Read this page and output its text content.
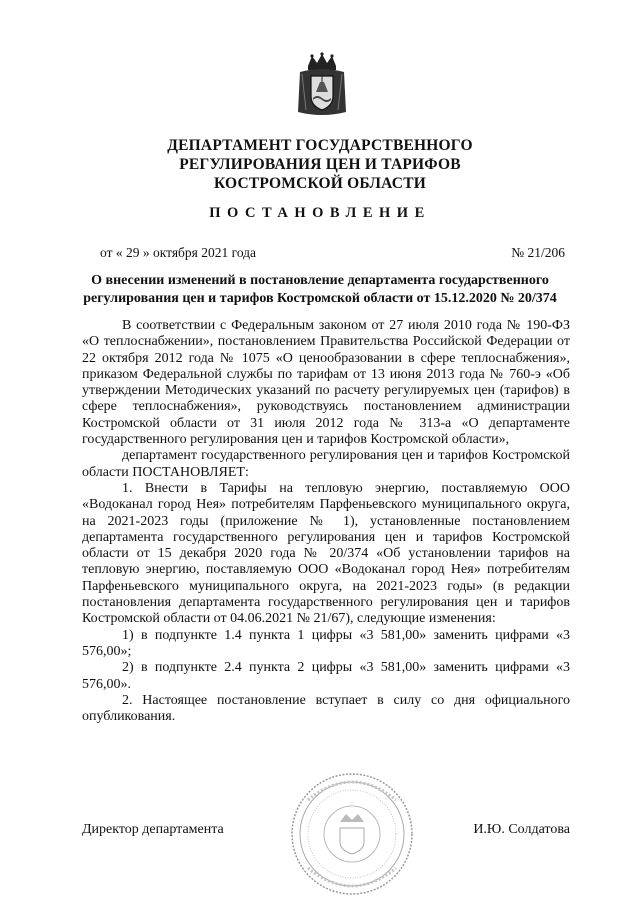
ДЕПАРТАМЕНТ ГОСУДАРСТВЕННОГО
РЕГУЛИРОВАНИЯ ЦЕН И ТАРИФОВ
КОСТРОМСКОЙ ОБЛАСТИ
ПОСТАНОВЛЕНИЕ
от « 29 » октября 2021 года	№ 21/206
О внесении изменений в постановление департамента государственного
регулирования цен и тарифов Костромской области от 15.12.2020 № 20/374

В соответствии с Федеральным законом от 27 июля 2010 года № 190-ФЗ «О теплоснабжении», постановлением Правительства Российской Федерации от 22 октября 2012 года № 1075 «О ценообразовании в сфере теплоснабжения», приказом Федеральной службы по тарифам от 13 июня 2013 года № 760-э «Об утверждении Методических указаний по расчету регулируемых цен (тарифов) в сфере теплоснабжения», руководствуясь постановлением администрации Костромской области от 31 июля 2012 года № 313-а «О департаменте государственного регулирования цен и тарифов Костромской области»,

департамент государственного регулирования цен и тарифов Костромской области ПОСТАНОВЛЯЕТ:

1. Внести в Тарифы на тепловую энергию, поставляемую ООО «Водоканал город Нея» потребителям Парфеньевского муниципального округа, на 2021-2023 годы (приложение № 1), установленные постановлением департамента государственного регулирования цен и тарифов Костромской области от 15 декабря 2020 года № 20/374 «Об установлении тарифов на тепловую энергию, поставляемую ООО «Водоканал город Нея» потребителям Парфеньевского муниципального округа, на 2021-2023 годы» (в редакции постановления департамента государственного регулирования цен и тарифов Костромской области от 04.06.2021 № 21/67), следующие изменения:

1) в подпункте 1.4 пункта 1 цифры «3 581,00» заменить цифрами «3 576,00»;

2) в подпункте 2.4 пункта 2 цифры «3 581,00» заменить цифрами «3 576,00».

2. Настоящее постановление вступает в силу со дня официального опубликования.

Директор департамента	И.Ю. Солдатова
